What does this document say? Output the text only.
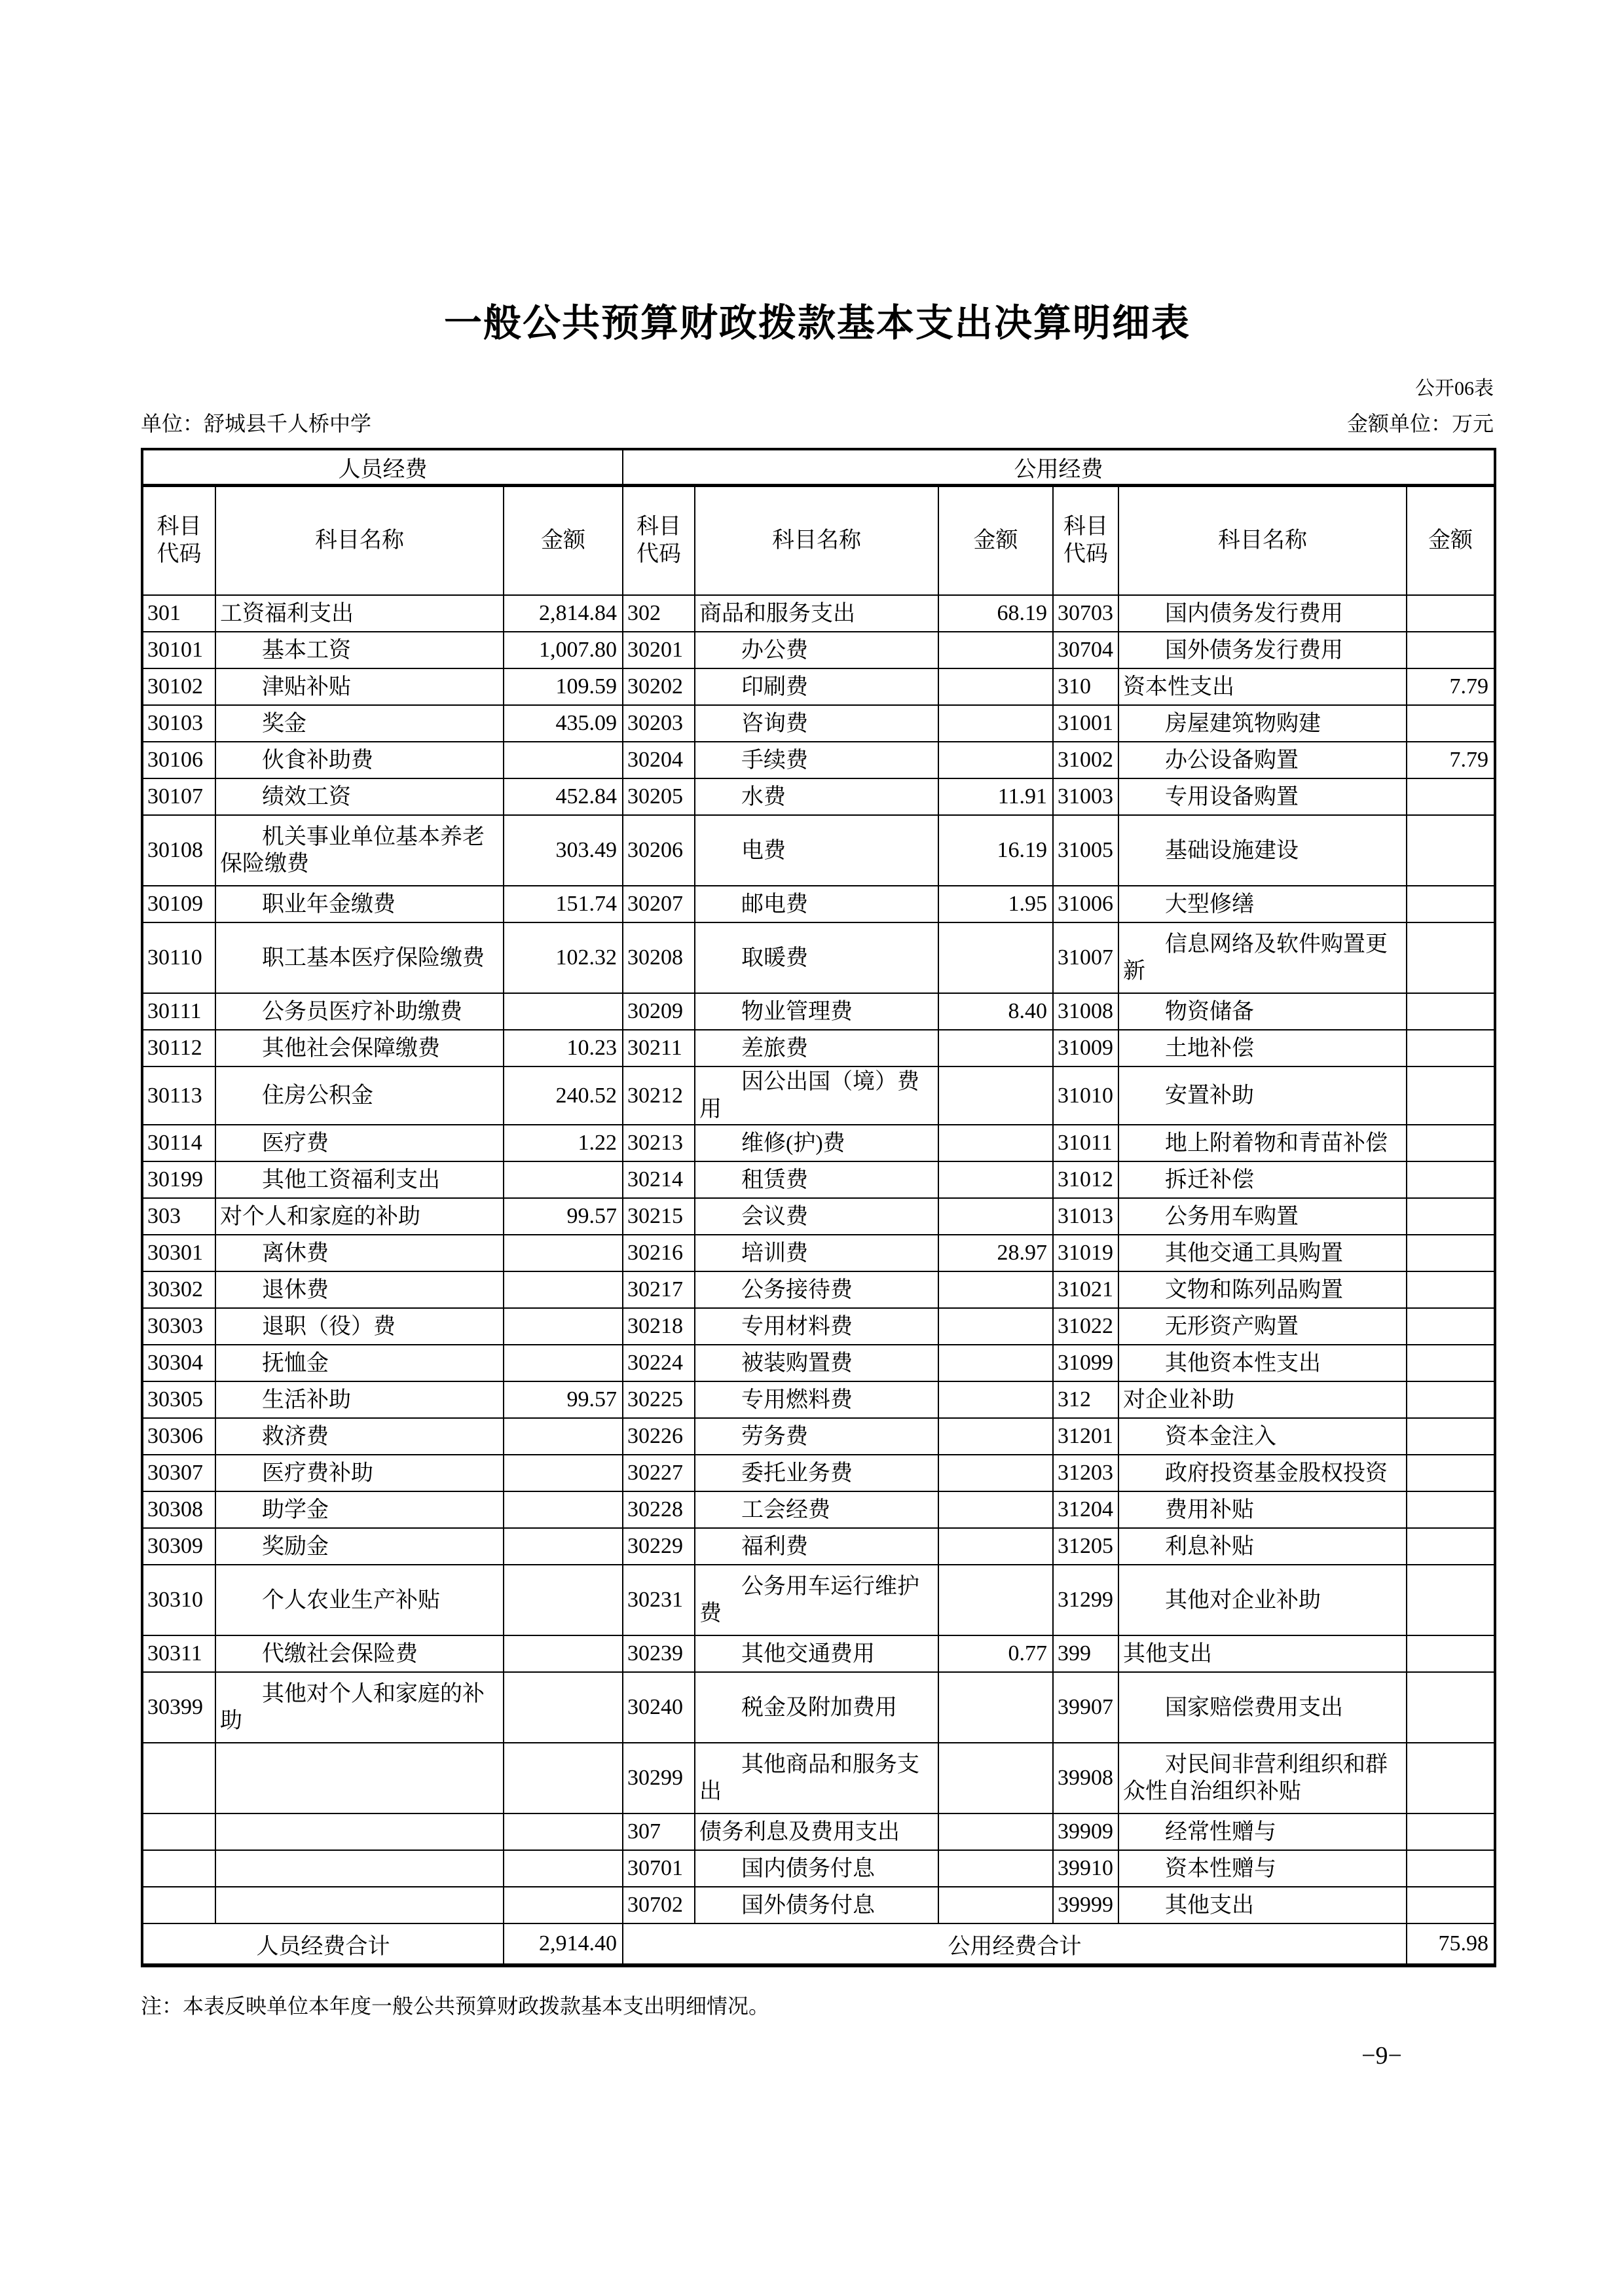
一般公共预算财政拨款基本支出决算明细表
公开06表
单位：舒城县千人桥中学	金额单位：万元
人员经费			公用经费					
科目代码	科目名称	金额	科目代码	科目名称	金额	科目代码	科目名称	金额
301	工资福利支出	2,814.84	302	商品和服务支出	68.19	30703	国内债务发行费用	
30101	基本工资	1,007.80	30201	办公费		30704	国外债务发行费用	
30102	津贴补贴	109.59	30202	印刷费		310	资本性支出	7.79
30103	奖金	435.09	30203	咨询费		31001	房屋建筑物购建	
30106	伙食补助费		30204	手续费		31002	办公设备购置	7.79
30107	绩效工资	452.84	30205	水费	11.91	31003	专用设备购置	
30108	机关事业单位基本养老保险缴费	303.49	30206	电费	16.19	31005	基础设施建设	
30109	职业年金缴费	151.74	30207	邮电费	1.95	31006	大型修缮	
30110	职工基本医疗保险缴费	102.32	30208	取暖费		31007	信息网络及软件购置更新	
30111	公务员医疗补助缴费		30209	物业管理费	8.40	31008	物资储备	
30112	其他社会保障缴费	10.23	30211	差旅费		31009	土地补偿	
30113	住房公积金	240.52	30212	因公出国（境）费用		31010	安置补助	
30114	医疗费	1.22	30213	维修(护)费		31011	地上附着物和青苗补偿	
30199	其他工资福利支出		30214	租赁费		31012	拆迁补偿	
303	对个人和家庭的补助	99.57	30215	会议费		31013	公务用车购置	
30301	离休费		30216	培训费	28.97	31019	其他交通工具购置	
30302	退休费		30217	公务接待费		31021	文物和陈列品购置	
30303	退职（役）费		30218	专用材料费		31022	无形资产购置	
30304	抚恤金		30224	被装购置费		31099	其他资本性支出	
30305	生活补助	99.57	30225	专用燃料费		312	对企业补助	
30306	救济费		30226	劳务费		31201	资本金注入	
30307	医疗费补助		30227	委托业务费		31203	政府投资基金股权投资	
30308	助学金		30228	工会经费		31204	费用补贴	
30309	奖励金		30229	福利费		31205	利息补贴	
30310	个人农业生产补贴		30231	公务用车运行维护费		31299	其他对企业补助	
30311	代缴社会保险费		30239	其他交通费用	0.77	399	其他支出	
30399	其他对个人和家庭的补助		30240	税金及附加费用		39907	国家赔偿费用支出	
			30299	其他商品和服务支出		39908	对民间非营利组织和群众性自治组织补贴	
			307	债务利息及费用支出		39909	经常性赠与	
			30701	国内债务付息		39910	资本性赠与	
			30702	国外债务付息		39999	其他支出	
人员经费合计		2,914.40	公用经费合计					75.98
注：本表反映单位本年度一般公共预算财政拨款基本支出明细情况。
−9−
